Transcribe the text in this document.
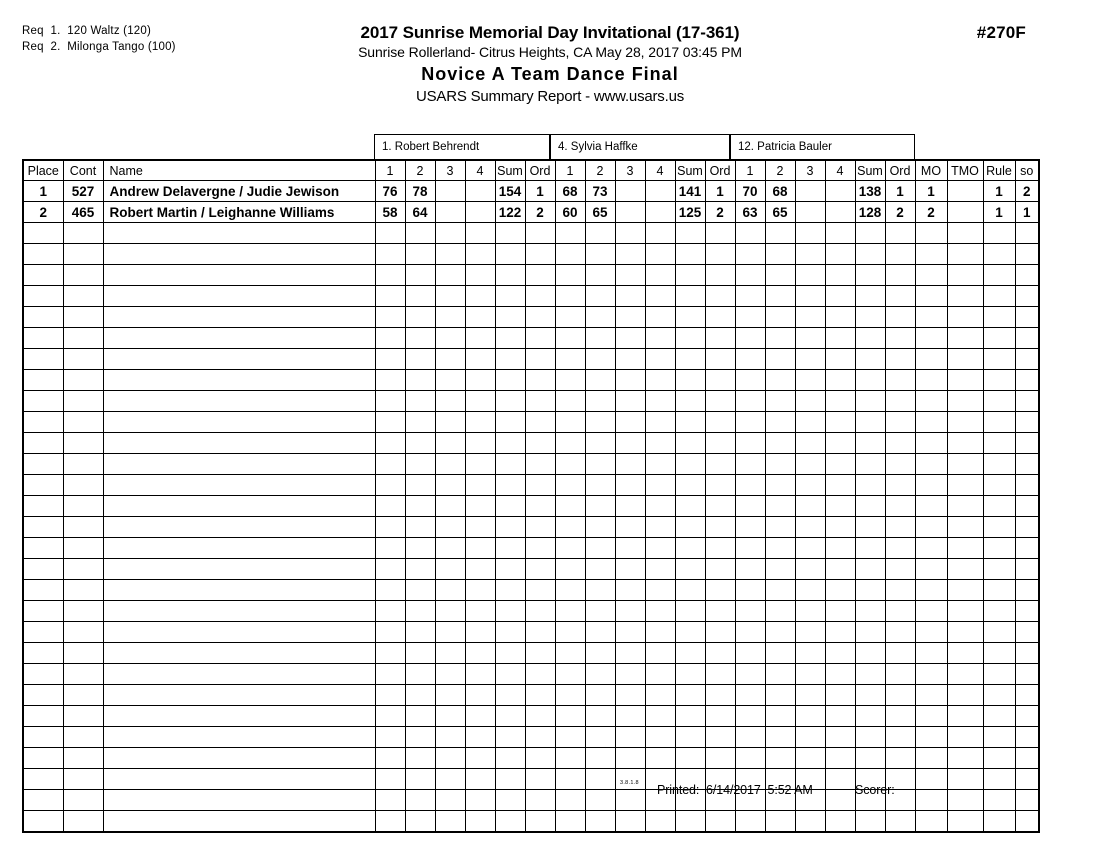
Req  1.  120 Waltz (120)
Req  2.  Milonga Tango (100)
2017 Sunrise Memorial Day Invitational (17-361)
Sunrise Rollerland- Citrus Heights, CA May 28, 2017 03:45 PM
Novice A Team Dance Final
USARS Summary Report - www.usars.us
#270F
1. Robert Behrendt	4. Sylvia Haffke	12. Patricia Bauler
Place	Cont	Name	1	2	3	4	Sum	Ord	1	2	3	4	Sum	Ord	1	2	3	4	Sum	Ord	MO	TMO	Rule	so
1	527	Andrew Delavergne / Judie Jewison	76	78			154	1	68	73			141	1	70	68			138	1	1		1	2
2	465	Robert Martin / Leighanne Williams	58	64			122	2	60	65			125	2	63	65			128	2	2		1	1

3.8.1.8 Printed:  6/14/2017  5:52 AM	Scorer:
